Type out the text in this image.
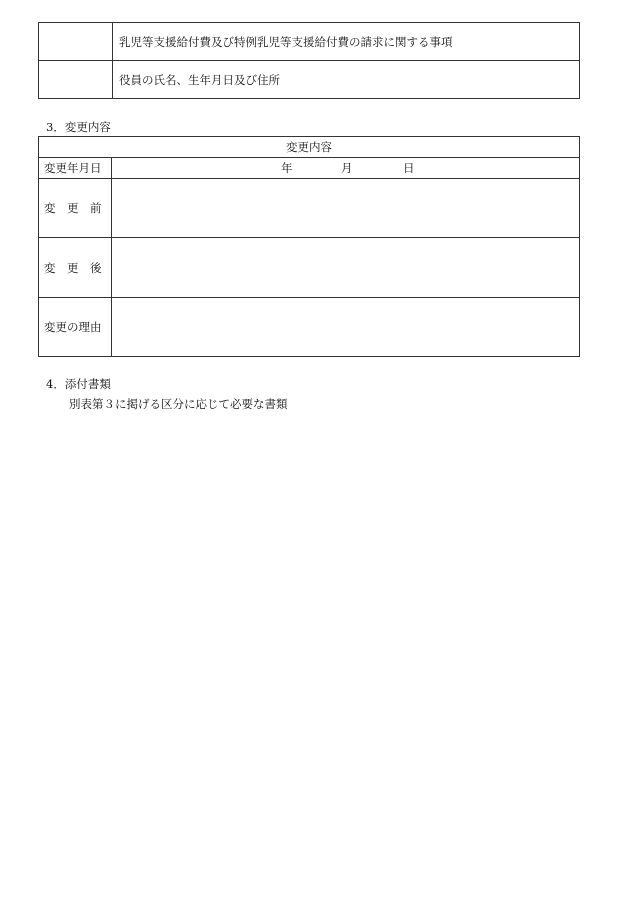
乳児等支援給付費及び特例乳児等支援給付費の請求に関する事項
役員の氏名、生年月日及び住所
3．変更内容
変更内容
変更年月日	年	月	日
変　更　前
変　更　後
変更の理由
4．添付書類
別表第３に掲げる区分に応じて必要な書類
